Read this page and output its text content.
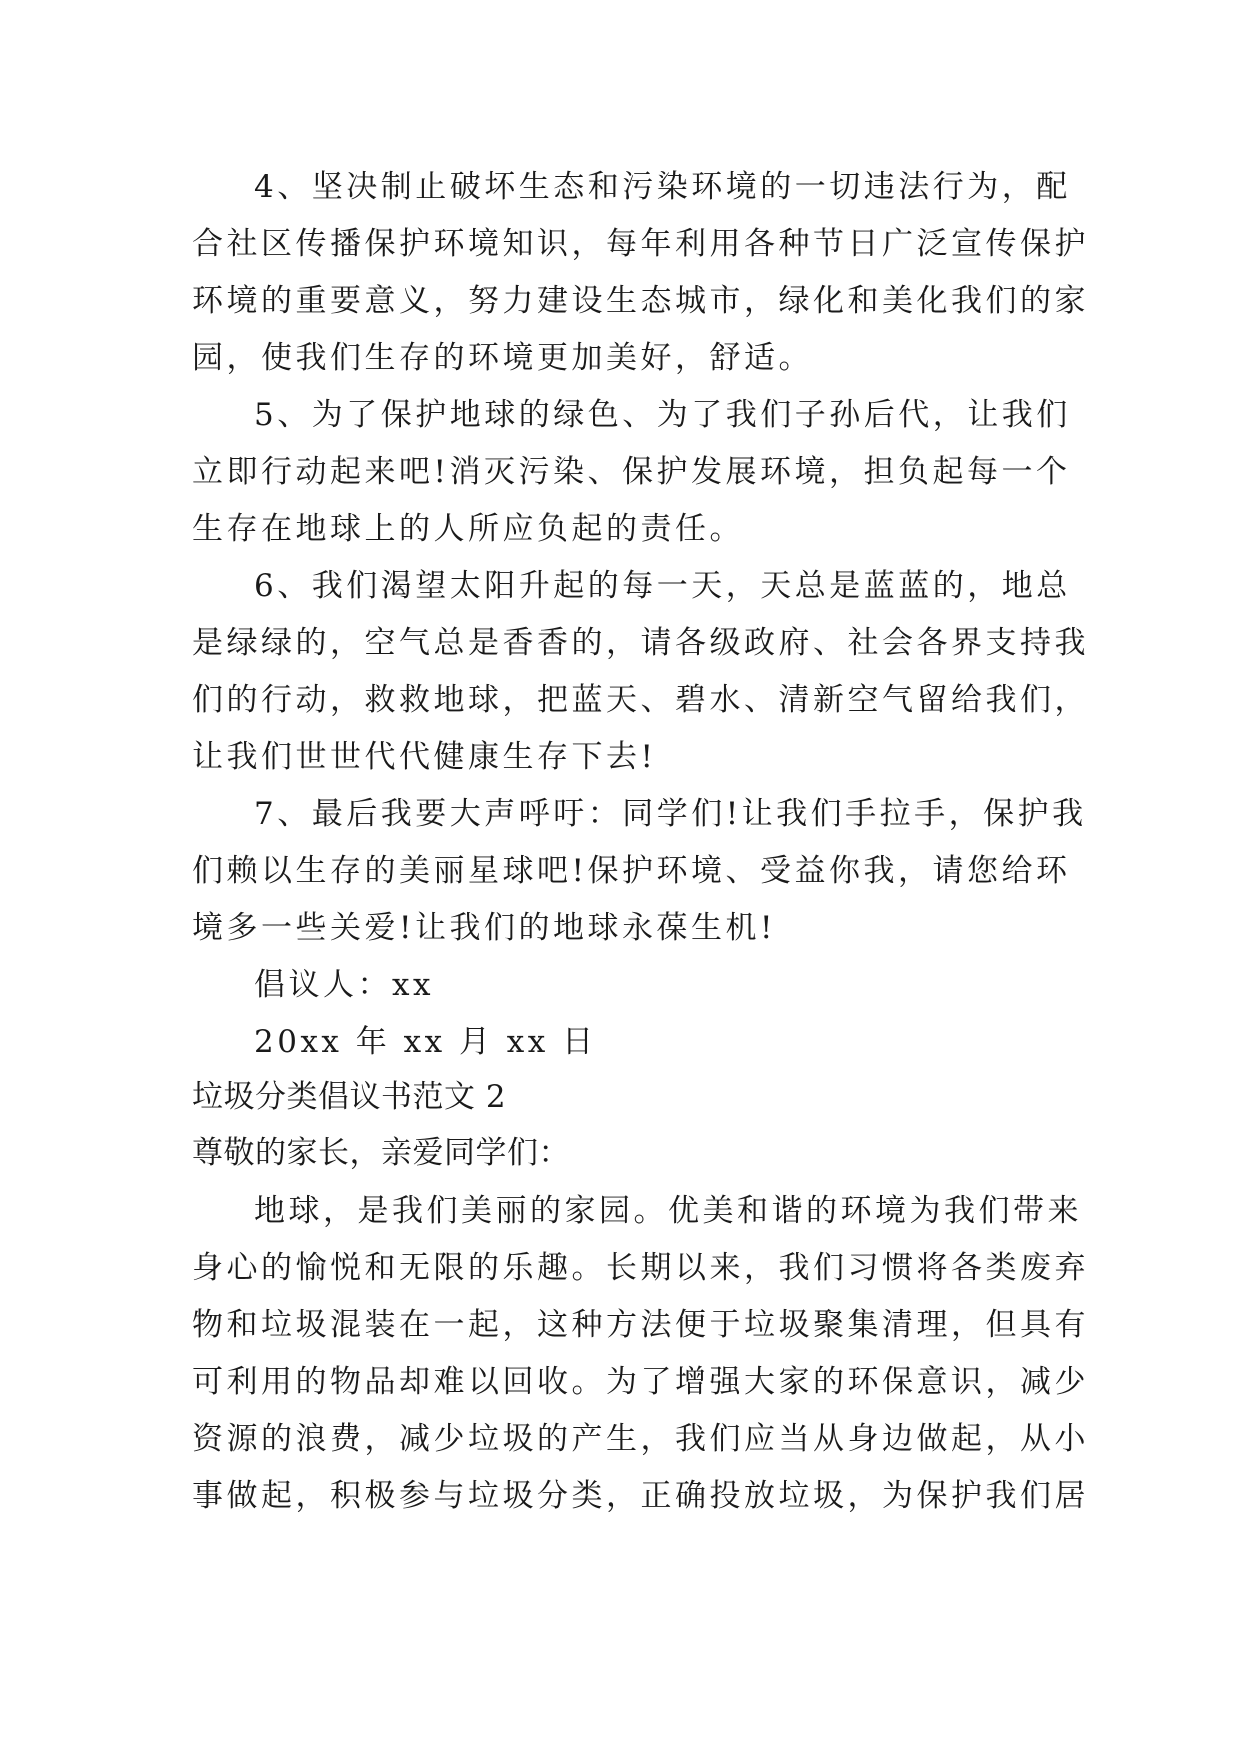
4、坚决制止破坏生态和污染环境的一切违法行为，配
合社区传播保护环境知识，每年利用各种节日广泛宣传保护
环境的重要意义，努力建设生态城市，绿化和美化我们的家
园，使我们生存的环境更加美好，舒适。
5、为了保护地球的绿色、为了我们子孙后代，让我们
立即行动起来吧!消灭污染、保护发展环境，担负起每一个
生存在地球上的人所应负起的责任。
6、我们渴望太阳升起的每一天，天总是蓝蓝的，地总
是绿绿的，空气总是香香的，请各级政府、社会各界支持我
们的行动，救救地球，把蓝天、碧水、清新空气留给我们，
让我们世世代代健康生存下去!
7、最后我要大声呼吁：同学们!让我们手拉手，保护我
们赖以生存的美丽星球吧!保护环境、受益你我，请您给环
境多一些关爱!让我们的地球永葆生机!
倡议人：xx
20xx 年 xx 月 xx 日
垃圾分类倡议书范文 2
尊敬的家长，亲爱同学们：
地球，是我们美丽的家园。优美和谐的环境为我们带来
身心的愉悦和无限的乐趣。长期以来，我们习惯将各类废弃
物和垃圾混装在一起，这种方法便于垃圾聚集清理，但具有
可利用的物品却难以回收。为了增强大家的环保意识，减少
资源的浪费，减少垃圾的产生，我们应当从身边做起，从小
事做起，积极参与垃圾分类，正确投放垃圾，为保护我们居
